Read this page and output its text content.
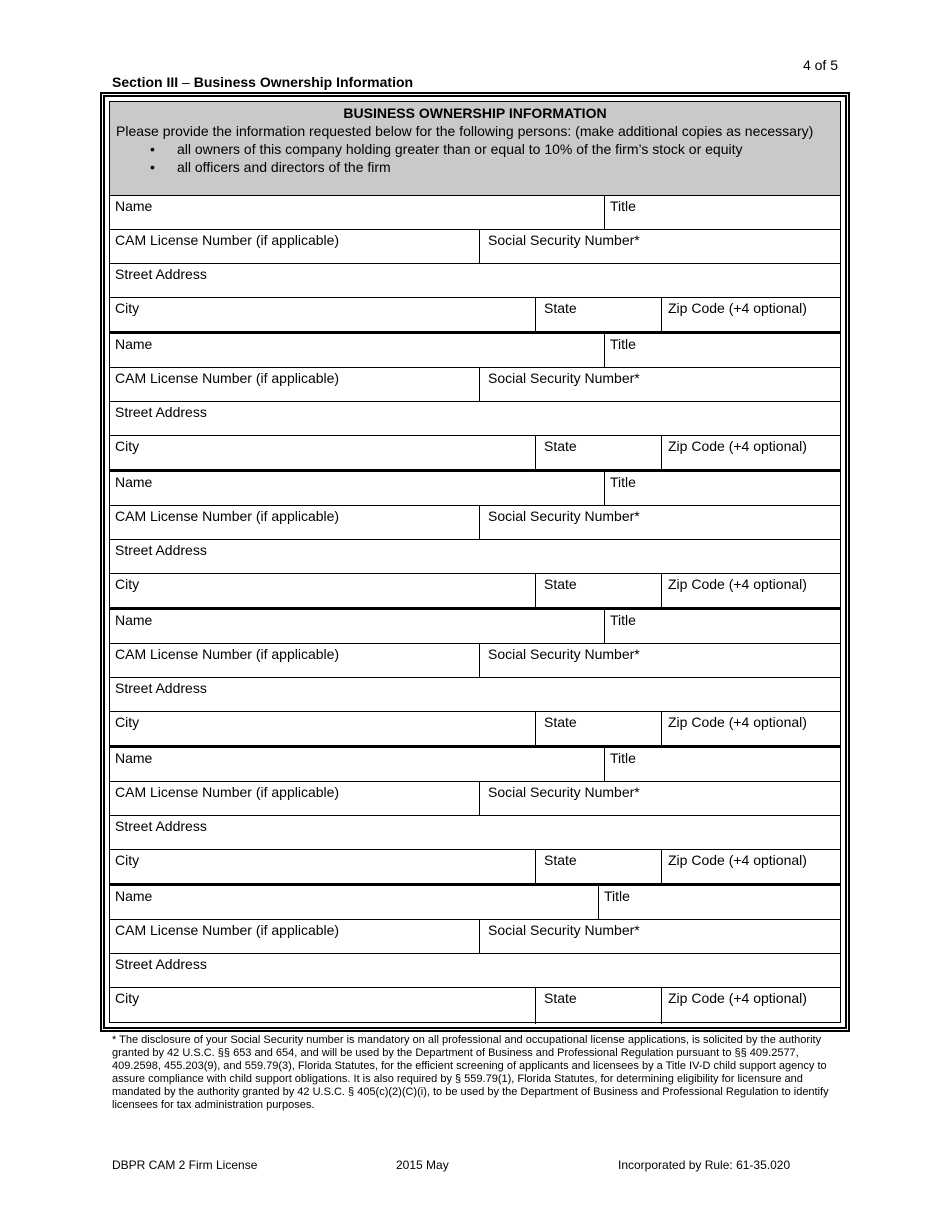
4 of 5
Section III – Business Ownership Information
BUSINESS OWNERSHIP INFORMATION
Please provide the information requested below for the following persons: (make additional copies as necessary)
• all owners of this company holding greater than or equal to 10% of the firm’s stock or equity
• all officers and directors of the firm
Name	Title
CAM License Number (if applicable)	Social Security Number*
Street Address
City	State	Zip Code (+4 optional)
Name	Title
CAM License Number (if applicable)	Social Security Number*
Street Address
City	State	Zip Code (+4 optional)
Name	Title
CAM License Number (if applicable)	Social Security Number*
Street Address
City	State	Zip Code (+4 optional)
Name	Title
CAM License Number (if applicable)	Social Security Number*
Street Address
City	State	Zip Code (+4 optional)
Name	Title
CAM License Number (if applicable)	Social Security Number*
Street Address
City	State	Zip Code (+4 optional)
Name	Title
CAM License Number (if applicable)	Social Security Number*
Street Address
City	State	Zip Code (+4 optional)
* The disclosure of your Social Security number is mandatory on all professional and occupational license applications, is solicited by the authority granted by 42 U.S.C. §§ 653 and 654, and will be used by the Department of Business and Professional Regulation pursuant to §§ 409.2577, 409.2598, 455.203(9), and 559.79(3), Florida Statutes, for the efficient screening of applicants and licensees by a Title IV-D child support agency to assure compliance with child support obligations. It is also required by § 559.79(1), Florida Statutes, for determining eligibility for licensure and mandated by the authority granted by 42 U.S.C. § 405(c)(2)(C)(i), to be used by the Department of Business and Professional Regulation to identify licensees for tax administration purposes.
DBPR CAM 2 Firm License	2015 May	Incorporated by Rule: 61-35.020
